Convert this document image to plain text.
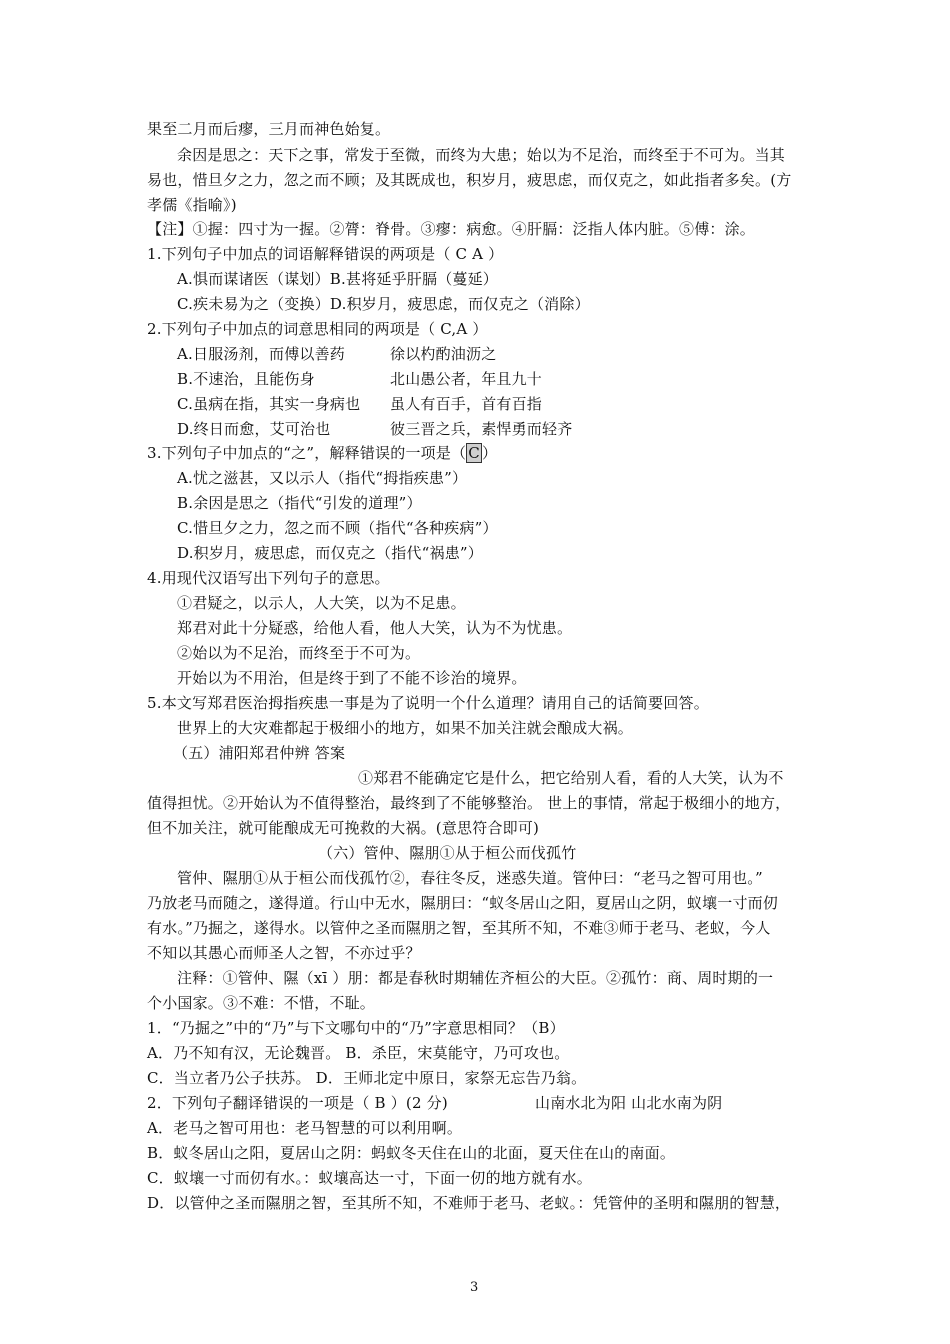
果至二月而后瘳，三月而神色始复。
余因是思之：天下之事，常发于至微，而终为大患；始以为不足治，而终至于不可为。当其
易也，惜旦夕之力，忽之而不顾；及其既成也，积岁月，疲思虑，而仅克之，如此指者多矣。(方
孝儒《指喻》)
【注】①握：四寸为一握。②膂：脊骨。③瘳：病愈。④肝膈：泛指人体内脏。⑤傅：涂。
1.下列句子中加点的词语解释错误的两项是（ C A ）
A.惧而谋诸医（谋划）B.甚将延乎肝膈（蔓延）
C.疾未易为之（变换）D.积岁月，疲思虑，而仅克之（消除）
2.下列句子中加点的词意思相同的两项是（ C,A ）
A.日服汤剂，而傅以善药	徐以杓酌油沥之
B.不速治，且能伤身	北山愚公者，年且九十
C.虽病在指，其实一身病也 虽人有百手，首有百指
D.终日而愈，艾可治也	彼三晋之兵，素悍勇而轻齐
3.下列句子中加点的“之”，解释错误的一项是（ C ）
A.忧之滋甚，又以示人（指代“拇指疾患”）
B.余因是思之（指代“引发的道理”）
C.惜旦夕之力，忽之而不顾（指代“各种疾病”）
D.积岁月，疲思虑，而仅克之（指代“祸患”）
4.用现代汉语写出下列句子的意思。
①君疑之，以示人，人大笑，以为不足患。
郑君对此十分疑惑，给他人看，他人大笑，认为不为忧患。
②始以为不足治，而终至于不可为。
开始以为不用治，但是终于到了不能不诊治的境界。
5.本文写郑君医治拇指疾患一事是为了说明一个什么道理？请用自己的话简要回答。
世界上的大灾难都起于极细小的地方，如果不加关注就会酿成大祸。
（五）浦阳郑君仲辨 答案
①郑君不能确定它是什么，把它给别人看，看的人大笑，认为不
值得担忧。②开始认为不值得整治，最终到了不能够整治。 世上的事情，常起于极细小的地方，
但不加关注，就可能酿成无可挽救的大祸。(意思符合即可)
（六）管仲、隰朋①从于桓公而伐孤竹
管仲、隰朋①从于桓公而伐孤竹②，春往冬反，迷惑失道。管仲曰：“老马之智可用也。”
乃放老马而随之，遂得道。行山中无水，隰朋曰：“蚁冬居山之阳，夏居山之阴，蚁壤一寸而仞
有水。”乃掘之，遂得水。以管仲之圣而隰朋之智，至其所不知，不难③师于老马、老蚁，今人
不知以其愚心而师圣人之智，不亦过乎？
注释：①管仲、隰（xī ）朋：都是春秋时期辅佐齐桓公的大臣。②孤竹：商、周时期的一
个小国家。③不难：不惜，不耻。
1．“乃掘之”中的“乃”与下文哪句中的“乃”字意思相同？（B）
A．乃不知有汉，无论魏晋。 B．杀臣，宋莫能守，乃可攻也。
C．当立者乃公子扶苏。 D．王师北定中原日，家祭无忘告乃翁。
2．下列句子翻译错误的一项是（ B ）(2 分)	山南水北为阳 山北水南为阴
A．老马之智可用也：老马智慧的可以利用啊。
B．蚁冬居山之阳，夏居山之阴：蚂蚁冬天住在山的北面，夏天住在山的南面。
C．蚁壤一寸而仞有水。：蚁壤高达一寸，下面一仞的地方就有水。
D．以管仲之圣而隰朋之智，至其所不知，不难师于老马、老蚁。：凭管仲的圣明和隰朋的智慧，
3
